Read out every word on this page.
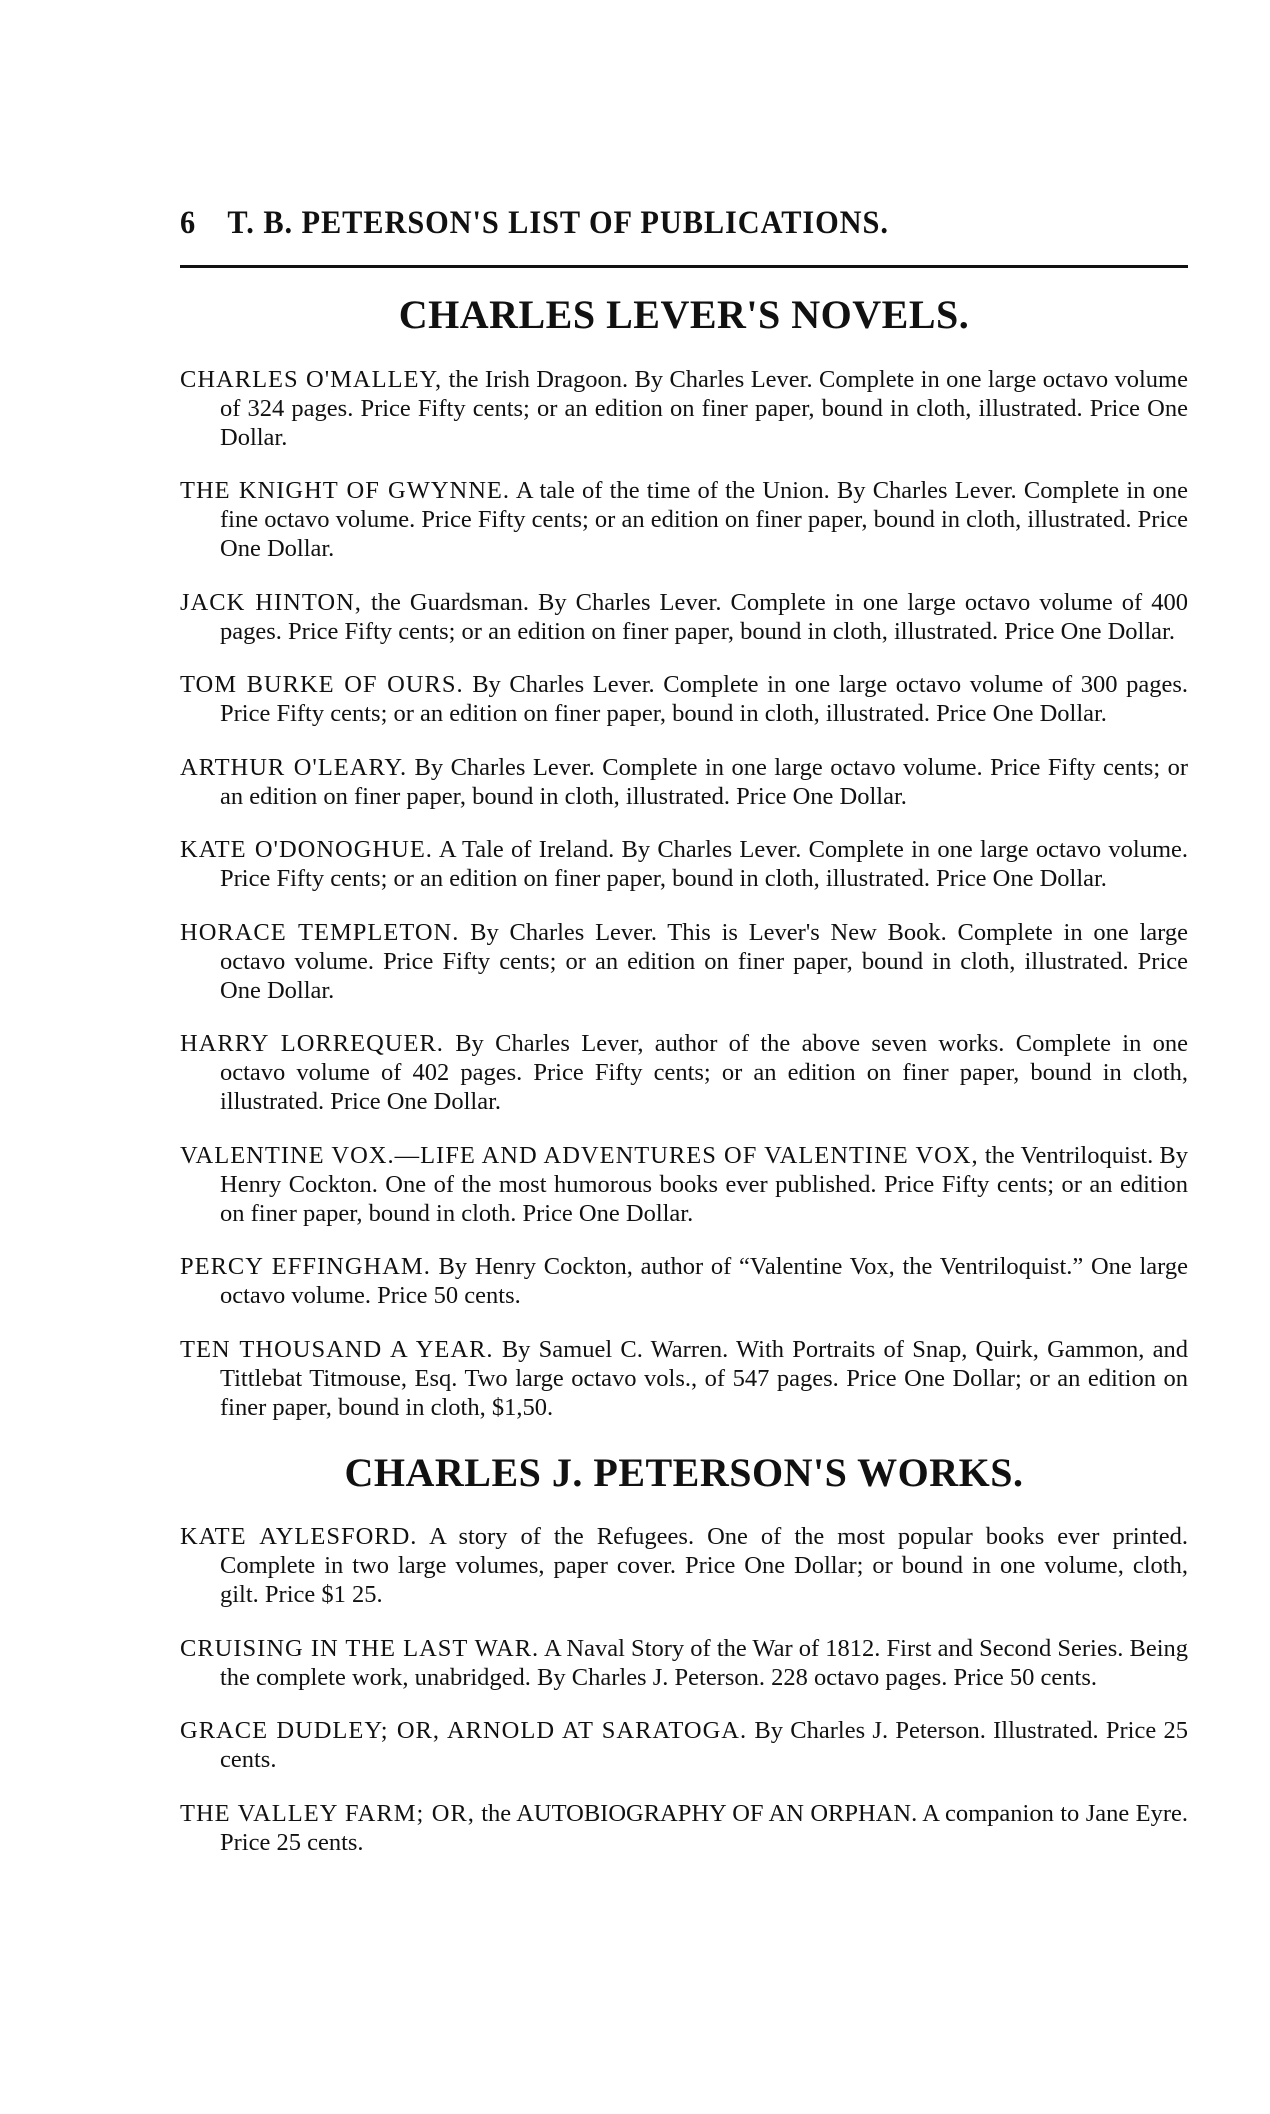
6 T. B. PETERSON'S LIST OF PUBLICATIONS.
CHARLES LEVER'S NOVELS.

CHARLES O'MALLEY, the Irish Dragoon. By Charles Lever. Complete in one large octavo volume of 324 pages. Price Fifty cents; or an edition on finer paper, bound in cloth, illustrated. Price One Dollar.

THE KNIGHT OF GWYNNE. A tale of the time of the Union. By Charles Lever. Complete in one fine octavo volume. Price Fifty cents; or an edition on finer paper, bound in cloth, illustrated. Price One Dollar.

JACK HINTON, the Guardsman. By Charles Lever. Complete in one large octavo volume of 400 pages. Price Fifty cents; or an edition on finer paper, bound in cloth, illustrated. Price One Dollar.

TOM BURKE OF OURS. By Charles Lever. Complete in one large octavo volume of 300 pages. Price Fifty cents; or an edition on finer paper, bound in cloth, illustrated. Price One Dollar.

ARTHUR O'LEARY. By Charles Lever. Complete in one large octavo volume. Price Fifty cents; or an edition on finer paper, bound in cloth, illustrated. Price One Dollar.

KATE O'DONOGHUE. A Tale of Ireland. By Charles Lever. Complete in one large octavo volume. Price Fifty cents; or an edition on finer paper, bound in cloth, illustrated. Price One Dollar.

HORACE TEMPLETON. By Charles Lever. This is Lever's New Book. Complete in one large octavo volume. Price Fifty cents; or an edition on finer paper, bound in cloth, illustrated. Price One Dollar.

HARRY LORREQUER. By Charles Lever, author of the above seven works. Complete in one octavo volume of 402 pages. Price Fifty cents; or an edition on finer paper, bound in cloth, illustrated. Price One Dollar.

VALENTINE VOX.—LIFE AND ADVENTURES OF VALENTINE VOX, the Ventriloquist. By Henry Cockton. One of the most humorous books ever published. Price Fifty cents; or an edition on finer paper, bound in cloth. Price One Dollar.

PERCY EFFINGHAM. By Henry Cockton, author of “Valentine Vox, the Ventriloquist.” One large octavo volume. Price 50 cents.

TEN THOUSAND A YEAR. By Samuel C. Warren. With Portraits of Snap, Quirk, Gammon, and Tittlebat Titmouse, Esq. Two large octavo vols., of 547 pages. Price One Dollar; or an edition on finer paper, bound in cloth, $1,50.

CHARLES J. PETERSON'S WORKS.

KATE AYLESFORD. A story of the Refugees. One of the most popular books ever printed. Complete in two large volumes, paper cover. Price One Dollar; or bound in one volume, cloth, gilt. Price $1 25.

CRUISING IN THE LAST WAR. A Naval Story of the War of 1812. First and Second Series. Being the complete work, unabridged. By Charles J. Peterson. 228 octavo pages. Price 50 cents.

GRACE DUDLEY; OR, ARNOLD AT SARATOGA. By Charles J. Peterson. Illustrated. Price 25 cents.

THE VALLEY FARM; OR, the AUTOBIOGRAPHY OF AN ORPHAN. A companion to Jane Eyre. Price 25 cents.
